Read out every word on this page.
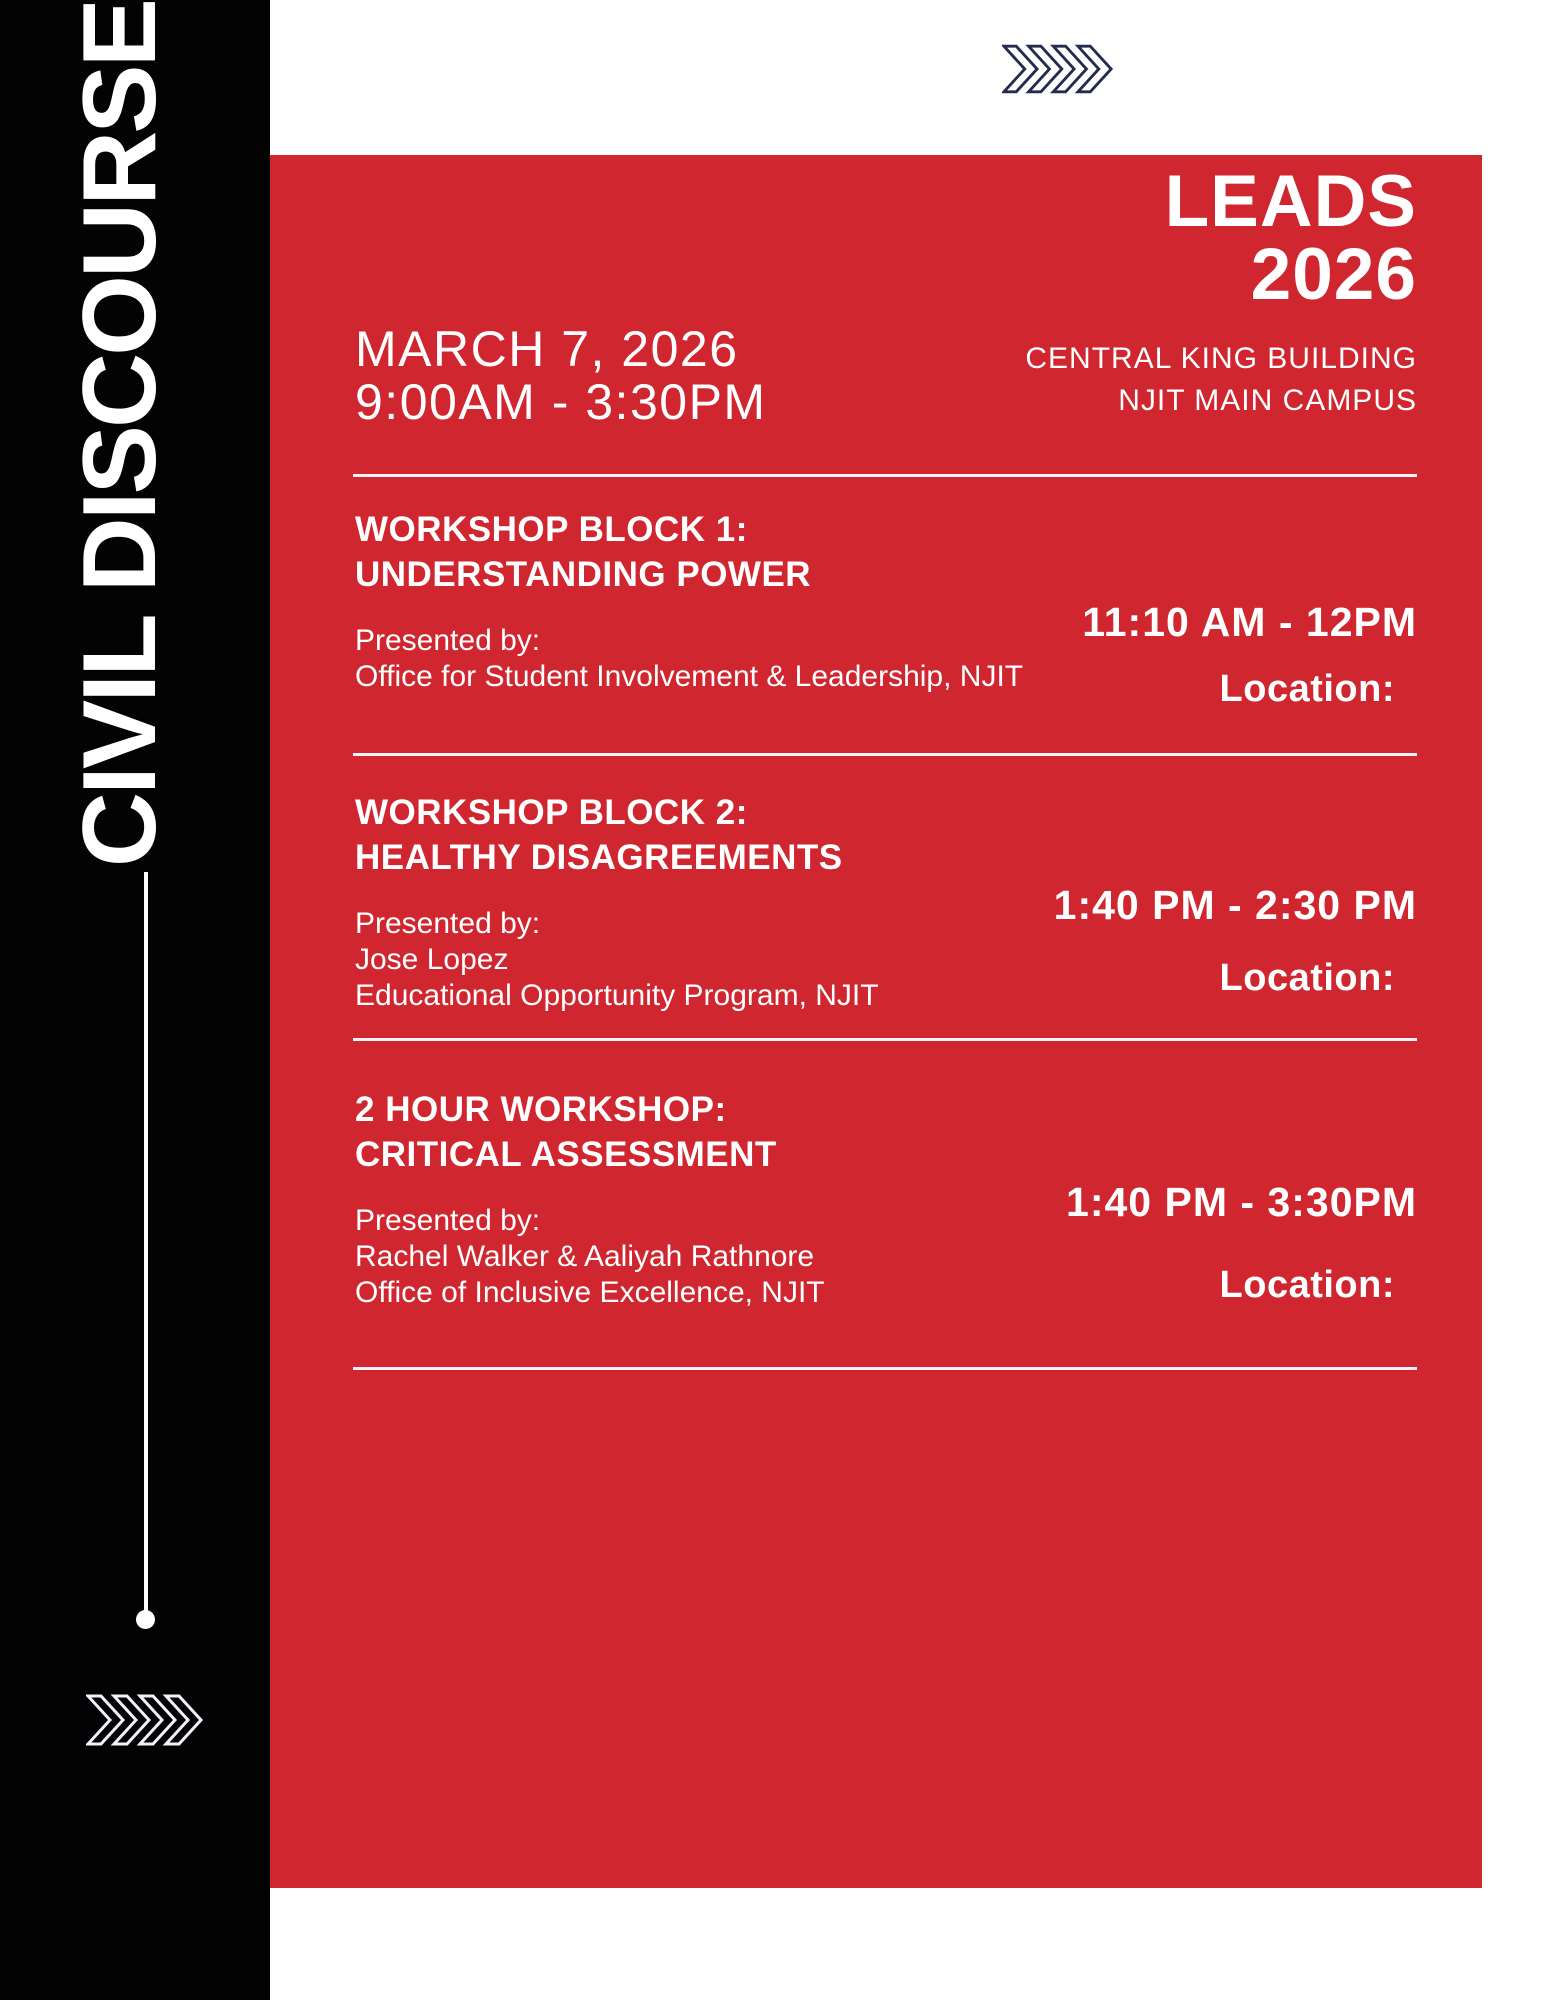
CIVIL DISCOURSE	MARCH 7, 2026
9:00AM - 3:30PM
LEADS
2026
CENTRAL KING BUILDING
NJIT MAIN CAMPUS
WORKSHOP BLOCK 1:
UNDERSTANDING POWER
Presented by:
Office for Student Involvement & Leadership, NJIT
11:10 AM - 12PM
Location:
WORKSHOP BLOCK 2:
HEALTHY DISAGREEMENTS
Presented by:
Jose Lopez
Educational Opportunity Program, NJIT
1:40 PM - 2:30 PM
Location:
2 HOUR WORKSHOP:
CRITICAL ASSESSMENT
Presented by:
Rachel Walker & Aaliyah Rathnore
Office of Inclusive Excellence, NJIT
1:40 PM - 3:30PM
Location:
